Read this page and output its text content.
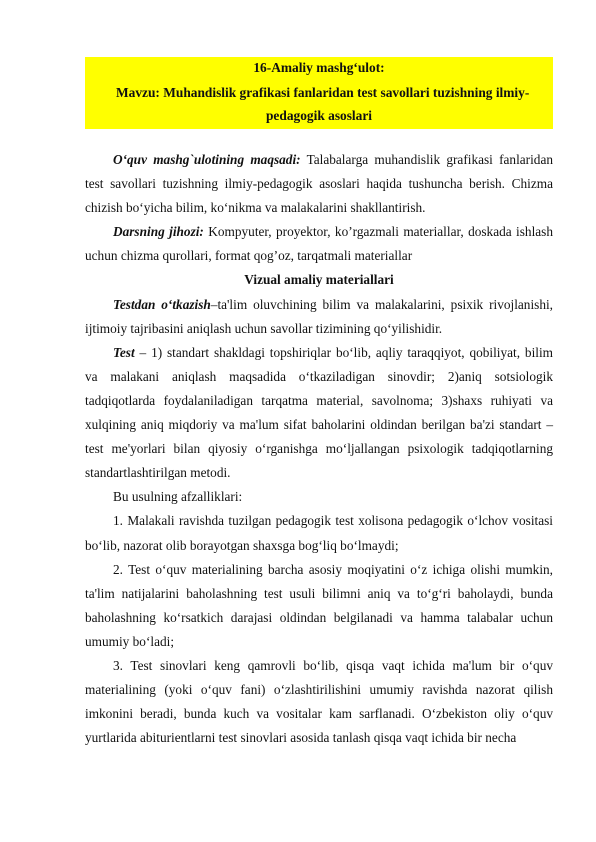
16-Amaliy mashg‘ulot:
Mavzu: Muhandislik grafikasi fanlaridan test savollari tuzishning ilmiy-
pedagogik asoslari

O‘quv mashg`ulotining maqsadi: Talabalarga muhandislik grafikasi fanlaridan test savollari tuzishning ilmiy-pedagogik asoslari haqida tushuncha berish. Chizma chizish bo‘yicha bilim, ko‘nikma va malakalarini shakllantirish.

Darsning jihozi: Kompyuter, proyektor, ko’rgazmali materiallar, doskada ishlash uchun chizma qurollari, format qog’oz, tarqatmali materiallar

Vizual amaliy materiallari

Testdan o‘tkazish–ta'lim oluvchining bilim va malakalarini, psixik rivojlanishi, ijtimoiy tajribasini aniqlash uchun savollar tizimining qo‘yilishidir.

Test – 1) standart shakldagi topshiriqlar bo‘lib, aqliy taraqqiyot, qobiliyat, bilim va malakani aniqlash maqsadida o‘tkaziladigan sinovdir; 2)aniq sotsiologik tadqiqotlarda foydalaniladigan tarqatma material, savolnoma; 3)shaxs ruhiyati va xulqining aniq miqdoriy va ma'lum sifat baholarini oldindan berilgan ba'zi standart – test me'yorlari bilan qiyosiy o‘rganishga mo‘ljallangan psixologik tadqiqotlarning standartlashtirilgan metodi.

Bu usulning afzalliklari:

1. Malakali ravishda tuzilgan pedagogik test xolisona pedagogik o‘lchov vositasi bo‘lib, nazorat olib borayotgan shaxsga bog‘liq bo‘lmaydi;

2. Test o‘quv materialining barcha asosiy moqiyatini o‘z ichiga olishi mumkin, ta'lim natijalarini baholashning test usuli bilimni aniq va to‘g‘ri baholaydi, bunda baholashning ko‘rsatkich darajasi oldindan belgilanadi va hamma talabalar uchun umumiy bo‘ladi;

3. Test sinovlari keng qamrovli bo‘lib, qisqa vaqt ichida ma'lum bir o‘quv materialining (yoki o‘quv fani) o‘zlashtirilishini umumiy ravishda nazorat qilish imkonini beradi, bunda kuch va vositalar kam sarflanadi. O‘zbekiston oliy o‘quv yurtlarida abiturientlarni test sinovlari asosida tanlash qisqa vaqt ichida bir necha
